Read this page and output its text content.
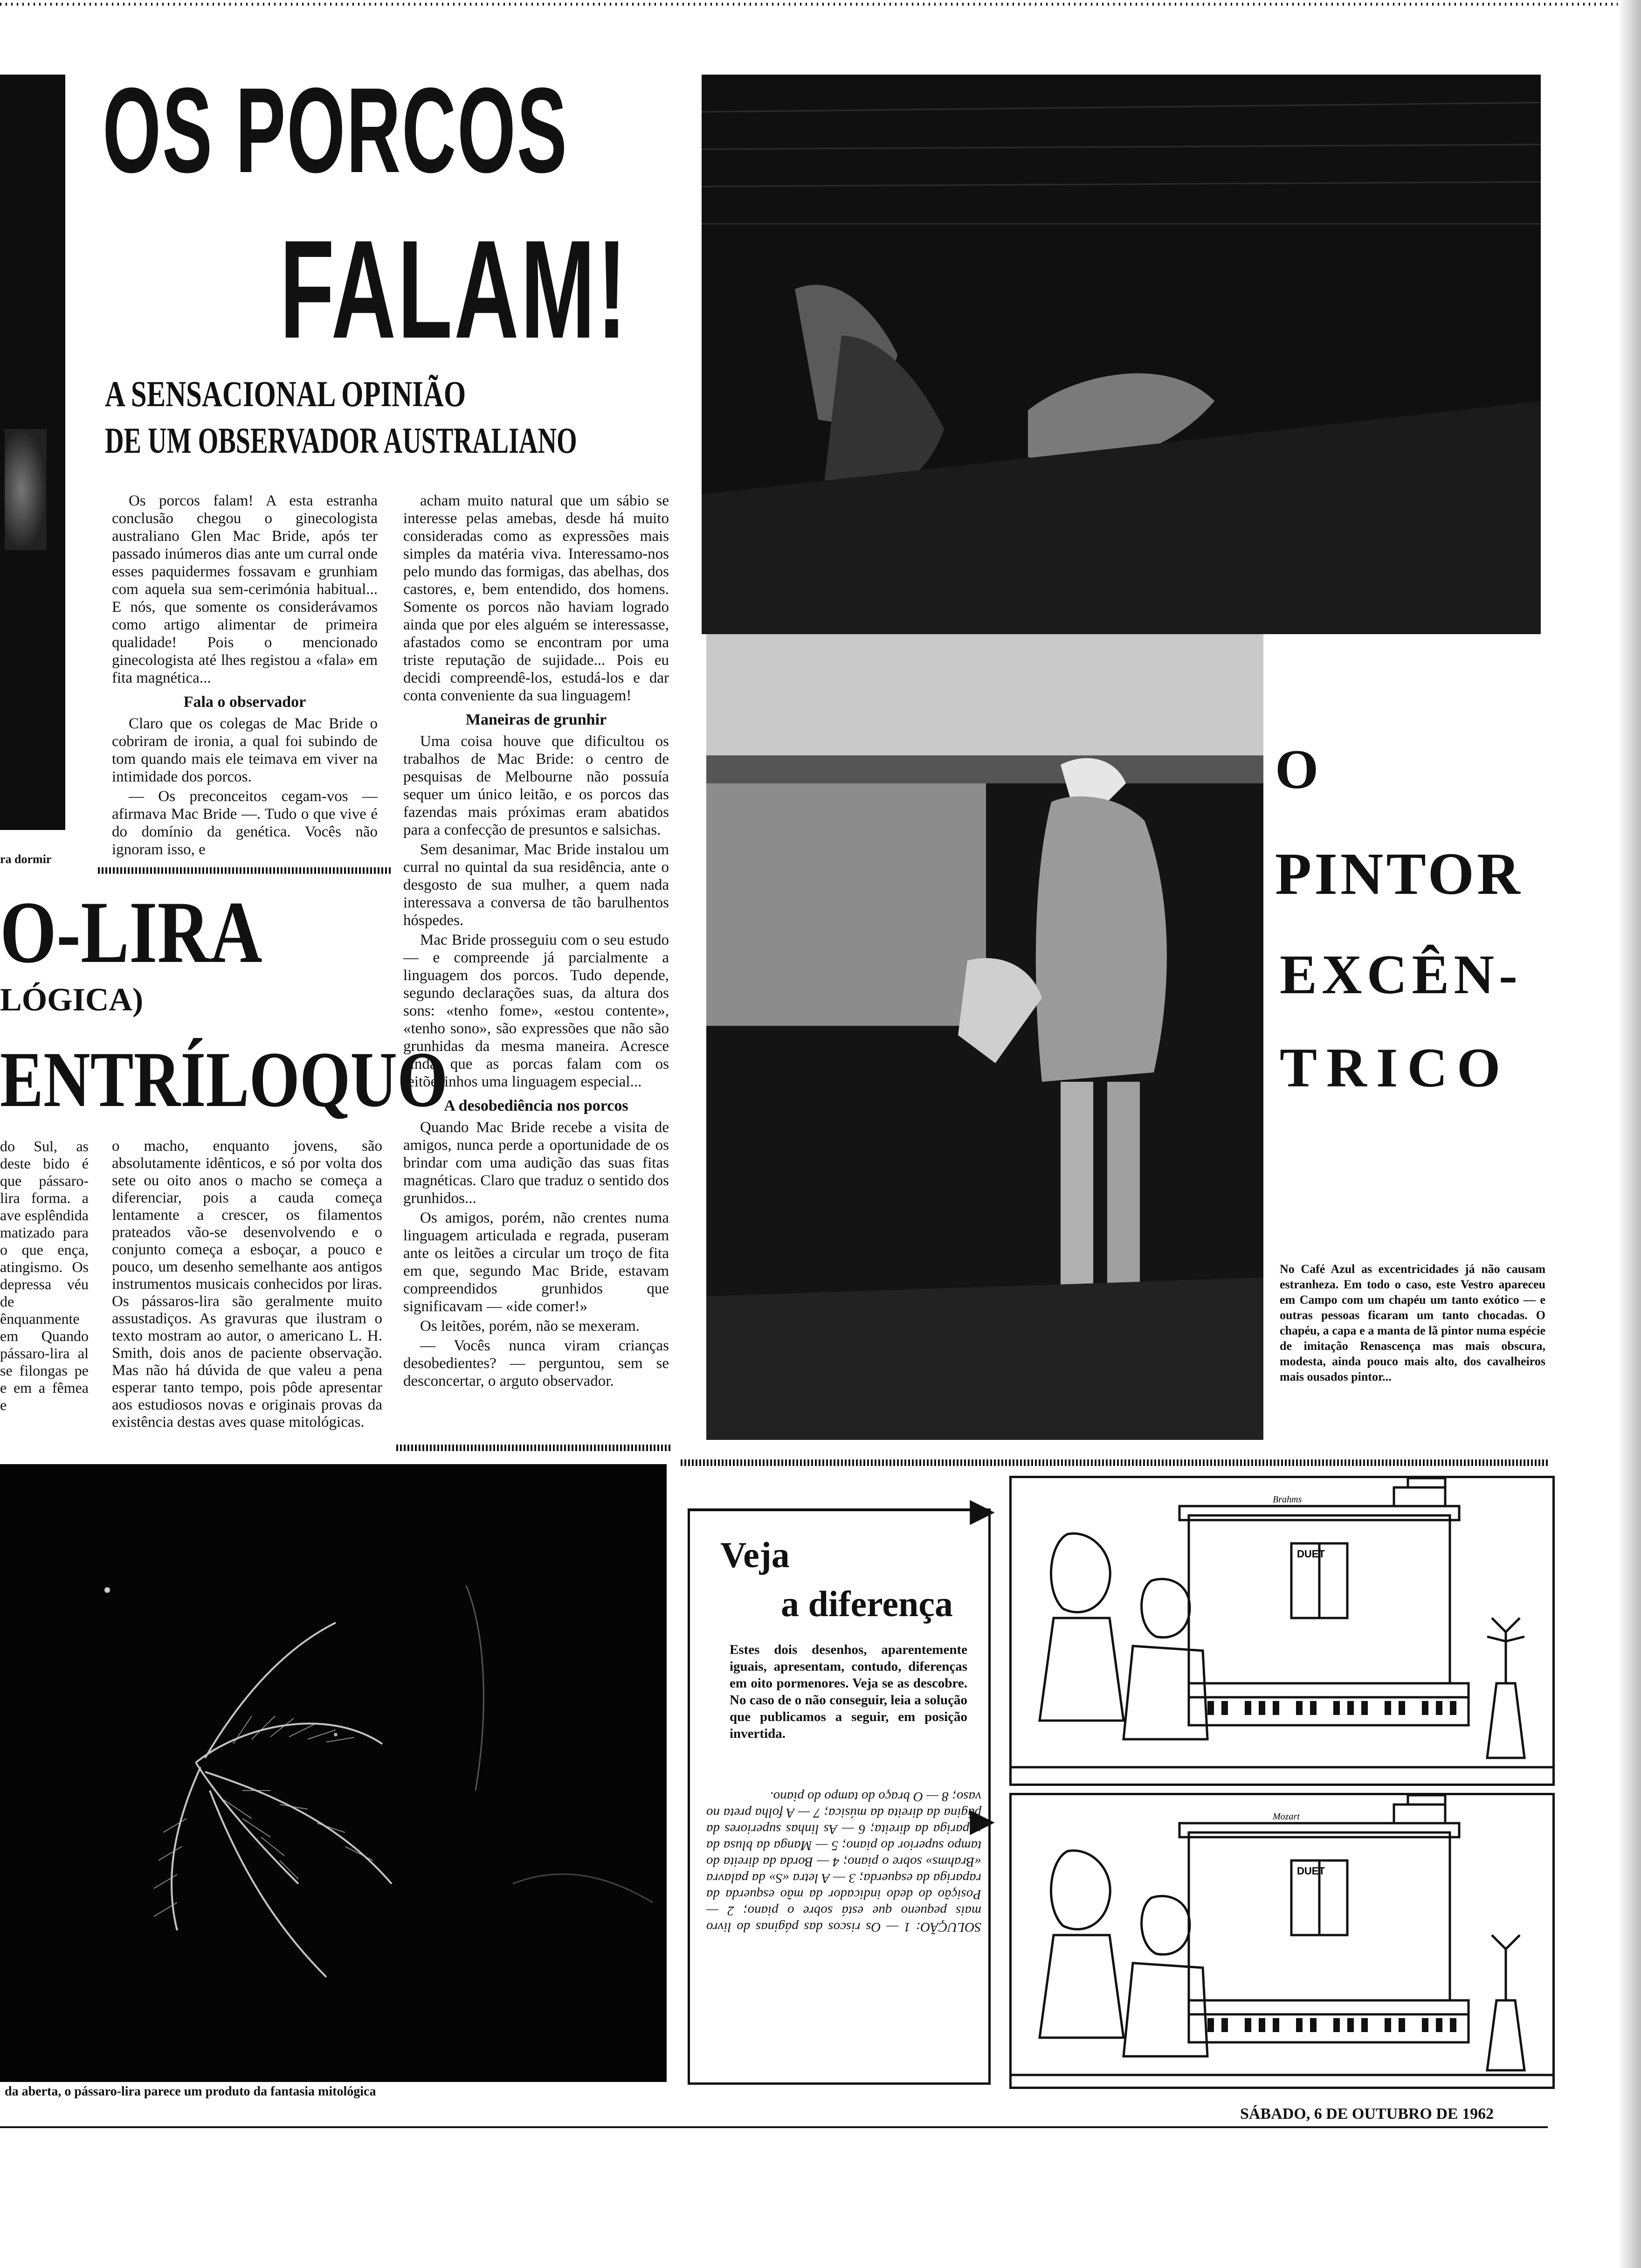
ra dormir
OS PORCOS
FALAM!
A SENSACIONAL OPINIÃO
DE UM OBSERVADOR AUSTRALIANO

Os porcos falam! A esta estranha conclusão chegou o ginecologista australiano Glen Mac Bride, após ter passado inúmeros dias ante um curral onde esses paquidermes fossavam e grunhiam com aquela sua sem-cerimónia habitual... E nós, que somente os considerávamos como artigo alimentar de primeira qualidade! Pois o mencionado ginecologista até lhes registou a «fala» em fita magnética...

Fala o observador

Claro que os colegas de Mac Bride o cobriram de ironia, a qual foi subindo de tom quando mais ele teimava em viver na intimidade dos porcos.

— Os preconceitos cegam-vos — afirmava Mac Bride —. Tudo o que vive é do domínio da genética. Vocês não ignoram isso, e

acham muito natural que um sábio se interesse pelas amebas, desde há muito consideradas como as expressões mais simples da matéria viva. Interessamo-nos pelo mundo das formigas, das abelhas, dos castores, e, bem entendido, dos homens. Somente os porcos não haviam logrado ainda que por eles alguém se interessasse, afastados como se encontram por uma triste reputação de sujidade... Pois eu decidi compreendê-los, estudá-los e dar conta conveniente da sua linguagem!

Maneiras de grunhir

Uma coisa houve que dificultou os trabalhos de Mac Bride: o centro de pesquisas de Melbourne não possuía sequer um único leitão, e os porcos das fazendas mais próximas eram abatidos para a confecção de presuntos e salsichas.

Sem desanimar, Mac Bride instalou um curral no quintal da sua residência, ante o desgosto de sua mulher, a quem nada interessava a conversa de tão barulhentos hóspedes.

Mac Bride prosseguiu com o seu estudo — e compreende já parcialmente a linguagem dos porcos. Tudo depende, segundo declarações suas, da altura dos sons: «tenho fome», «estou contente», «tenho sono», são expressões que não são grunhidas da mesma maneira. Acresce ainda que as porcas falam com os leitõezinhos uma linguagem especial...

A desobediência nos porcos

Quando Mac Bride recebe a visita de amigos, nunca perde a oportunidade de os brindar com uma audição das suas fitas magnéticas. Claro que traduz o sentido dos grunhidos...

Os amigos, porém, não crentes numa linguagem articulada e regrada, puseram ante os leitões a circular um troço de fita em que, segundo Mac Bride, estavam compreendidos grunhidos que significavam — «ide comer!»

Os leitões, porém, não se mexeram.

— Vocês nunca viram crianças desobedientes? — perguntou, sem se desconcertar, o arguto observador.

O-LIRA
LÓGICA)
ENTRÍLOQUO
do Sul, as deste bido é que pássaro-lira forma. a ave esplêndida matizado para o que ença, atingismo. Os depressa véu de ênquanmente em Quando pássaro-lira al se filongas pe e em a fêmea e
o macho, enquanto jovens, são absolutamente idênticos, e só por volta dos sete ou oito anos o macho se começa a diferenciar, pois a cauda começa lentamente a crescer, os filamentos prateados vão-se desenvolvendo e o conjunto começa a esboçar, a pouco e pouco, um desenho semelhante aos antigos instrumentos musicais conhecidos por liras. Os pássaros-lira são geralmente muito assustadiços. As gravuras que ilustram o texto mostram ao autor, o americano L. H. Smith, dois anos de paciente observação. Mas não há dúvida de que valeu a pena esperar tanto tempo, pois pôde apresentar aos estudiosos novas e originais provas da existência destas aves quase mitológicas.
da aberta, o pássaro-lira parece um produto da fantasia mitológica
O
PINTOR
EXCÊN-
TRICO
No Café Azul as excentricidades já não causam estranheza. Em todo o caso, este Vestro apareceu em Campo com um chapéu um tanto exótico — e outras pessoas ficaram um tanto chocadas. O chapéu, a capa e a manta de lã pintor numa espécie de imitação Renascença mas mais obscura, modesta, ainda pouco mais alto, dos cavalheiros mais ousados pintor...
▶
▶
Veja
a diferença
Estes dois desenhos, aparentemente iguais, apresentam, contudo, diferenças em oito pormenores. Veja se as descobre. No caso de o não conseguir, leia a solução que publicamos a seguir, em posição invertida.
SOLUÇÃO: 1 — Os riscos das páginas do livro mais pequeno que está sobre o piano; 2 — Posição do dedo indicador da mão esquerda da rapariga da esquerda; 3 — A letra «S» da palavra «Brahms» sobre o piano; 4 — Borda da direita do tampo superior do piano; 5 — Manga da blusa da rapariga da direita; 6 — As linhas superiores da página da direita da música; 7 — A folha preta no vaso; 8 — O braço do tampo do piano.
DUET
Brahms
DUET
Mozart
SÁBADO, 6 DE OUTUBRO DE 1962
